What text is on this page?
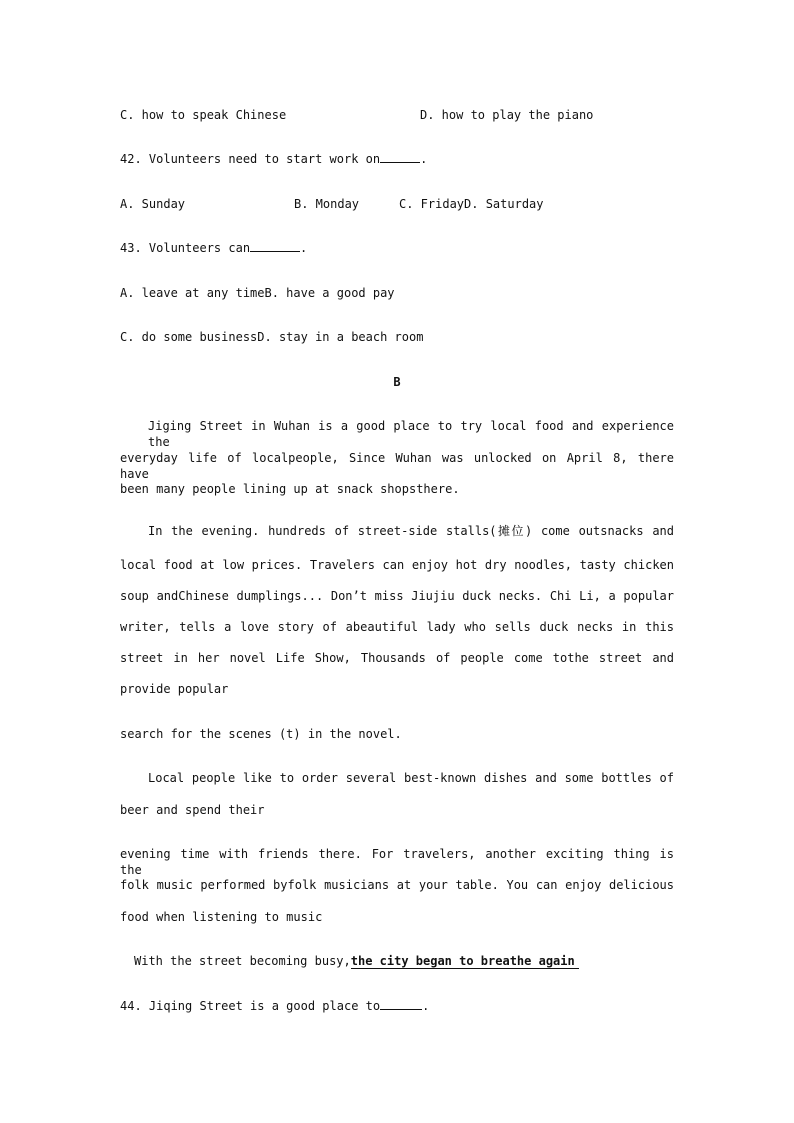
C. how to speak Chinese	D. how to play the piano
42. Volunteers need to start work on	.
A. Sunday	B. Monday	C. FridayD. Saturday
43. Volunteers can	.
A. leave at any timeB. have a good pay
C. do some businessD. stay in a beach room
B
Jiging Street in Wuhan is a good place to try local food and experience the
everyday life of localpeople, Since Wuhan was unlocked on April 8, there have
been many people lining up at snack shopsthere.
In the evening. hundreds of street-side stalls(摊位) come outsnacks and
local food at low prices. Travelers can enjoy hot dry noodles, tasty chicken
soup andChinese dumplings... Don’t miss Jiujiu duck necks. Chi Li, a popular
writer, tells a love story of abeautiful lady who sells duck necks in this
street in her novel Life Show, Thousands of people come tothe street and
provide popular
search for the scenes (t) in the novel.
Local people like to order several best-known dishes and some bottles of
beer and spend their
evening time with friends there. For travelers, another exciting thing is the
folk music performed byfolk musicians at your table. You can enjoy delicious
food when listening to music
With the street becoming busy,the city began to breathe again
44. Jiqing Street is a good place to	.
